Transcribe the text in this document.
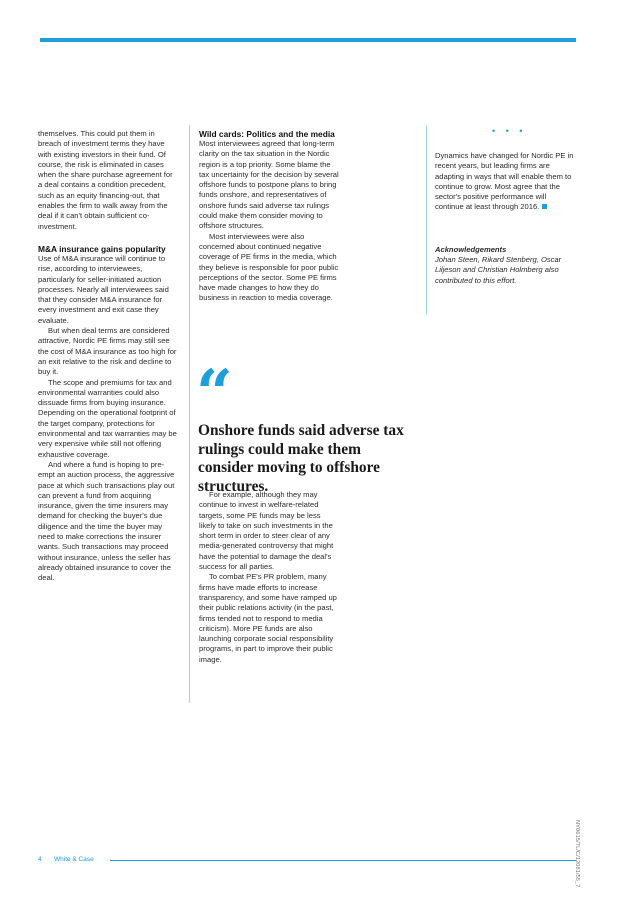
themselves. This could put them in breach of investment terms they have with existing investors in their fund. Of course, the risk is eliminated in cases when the share purchase agreement for a deal contains a condition precedent, such as an equity financing-out, that enables the firm to walk away from the deal if it can't obtain sufficient co-investment.

M&A insurance gains popularity

Use of M&A insurance will continue to rise, according to interviewees, particularly for seller-initiated auction processes. Nearly all interviewees said that they consider M&A insurance for every investment and exit case they evaluate.

But when deal terms are considered attractive, Nordic PE firms may still see the cost of M&A insurance as too high for an exit relative to the risk and decline to buy it.

The scope and premiums for tax and environmental warranties could also dissuade firms from buying insurance. Depending on the operational footprint of the target company, protections for environmental and tax warranties may be very expensive while still not offering exhaustive coverage.

And where a fund is hoping to pre-empt an auction process, the aggressive pace at which such transactions play out can prevent a fund from acquiring insurance, given the time insurers may demand for checking the buyer's due diligence and the time the buyer may need to make corrections the insurer wants. Such transactions may proceed without insurance, unless the seller has already obtained insurance to cover the deal.

Wild cards: Politics and the media

Most interviewees agreed that long-term clarity on the tax situation in the Nordic region is a top priority. Some blame the tax uncertainty for the decision by several offshore funds to postpone plans to bring funds onshore, and representatives of onshore funds said adverse tax rulings could make them consider moving to offshore structures.

Most interviewees were also concerned about continued negative coverage of PE firms in the media, which they believe is responsible for poor public perceptions of the sector. Some PE firms have made changes to how they do business in reaction to media coverage.

“
Onshore funds said adverse tax rulings could make them consider moving to offshore structures.

For example, although they may continue to invest in welfare-related targets, some PE funds may be less likely to take on such investments in the short term in order to steer clear of any media-generated controversy that might have the potential to damage the deal's success for all parties.

To combat PE's PR problem, many firms have made efforts to increase transparency, and some have ramped up their public relations activity (in the past, firms tended not to respond to media criticism). More PE funds are also launching corporate social responsibility programs, in part to improve their public image.

• • •

Dynamics have changed for Nordic PE in recent years, but leading firms are adapting in ways that will enable them to continue to grow. Most agree that the sector's positive performance will continue at least through 2016.

Acknowledgements

Johan Steen, Rikard Stenberg, Oscar Liljeson and Christian Holmberg also contributed to this effort.

4 White & Case	NY0615/TL/C/12081/55_7
